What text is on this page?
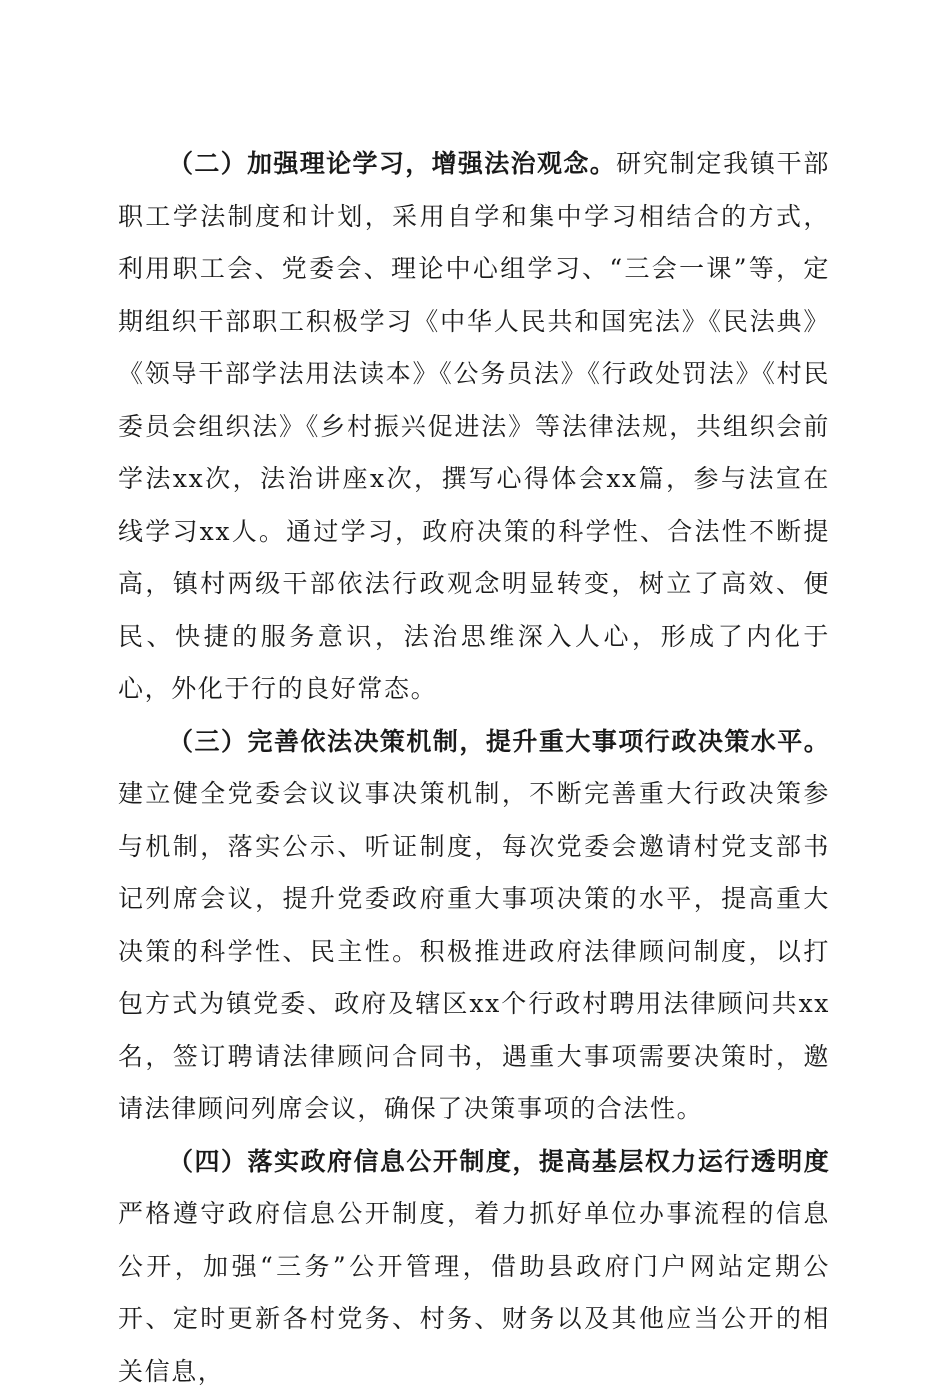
（二）加强理论学习，增强法治观念。研究制定我镇干部职工学法制度和计划，采用自学和集中学习相结合的方式，利用职工会、党委会、理论中心组学习、“三会一课”等，定期组织干部职工积极学习《中华人民共和国宪法》《民法典》《领导干部学法用法读本》《公务员法》《行政处罚法》《村民委员会组织法》《乡村振兴促进法》等法律法规，共组织会前学法xx次，法治讲座x次，撰写心得体会xx篇，参与法宣在线学习xx人。通过学习，政府决策的科学性、合法性不断提高，镇村两级干部依法行政观念明显转变，树立了高效、便民、快捷的服务意识，法治思维深入人心，形成了内化于心，外化于行的良好常态。

（三）完善依法决策机制，提升重大事项行政决策水平。建立健全党委会议议事决策机制，不断完善重大行政决策参与机制，落实公示、听证制度，每次党委会邀请村党支部书记列席会议，提升党委政府重大事项决策的水平，提高重大决策的科学性、民主性。积极推进政府法律顾问制度，以打包方式为镇党委、政府及辖区xx个行政村聘用法律顾问共xx名，签订聘请法律顾问合同书，遇重大事项需要决策时，邀请法律顾问列席会议，确保了决策事项的合法性。

（四）落实政府信息公开制度，提高基层权力运行透明度严格遵守政府信息公开制度，着力抓好单位办事流程的信息公开，加强“三务”公开管理，借助县政府门户网站定期公开、定时更新各村党务、村务、财务以及其他应当公开的相关信息，
